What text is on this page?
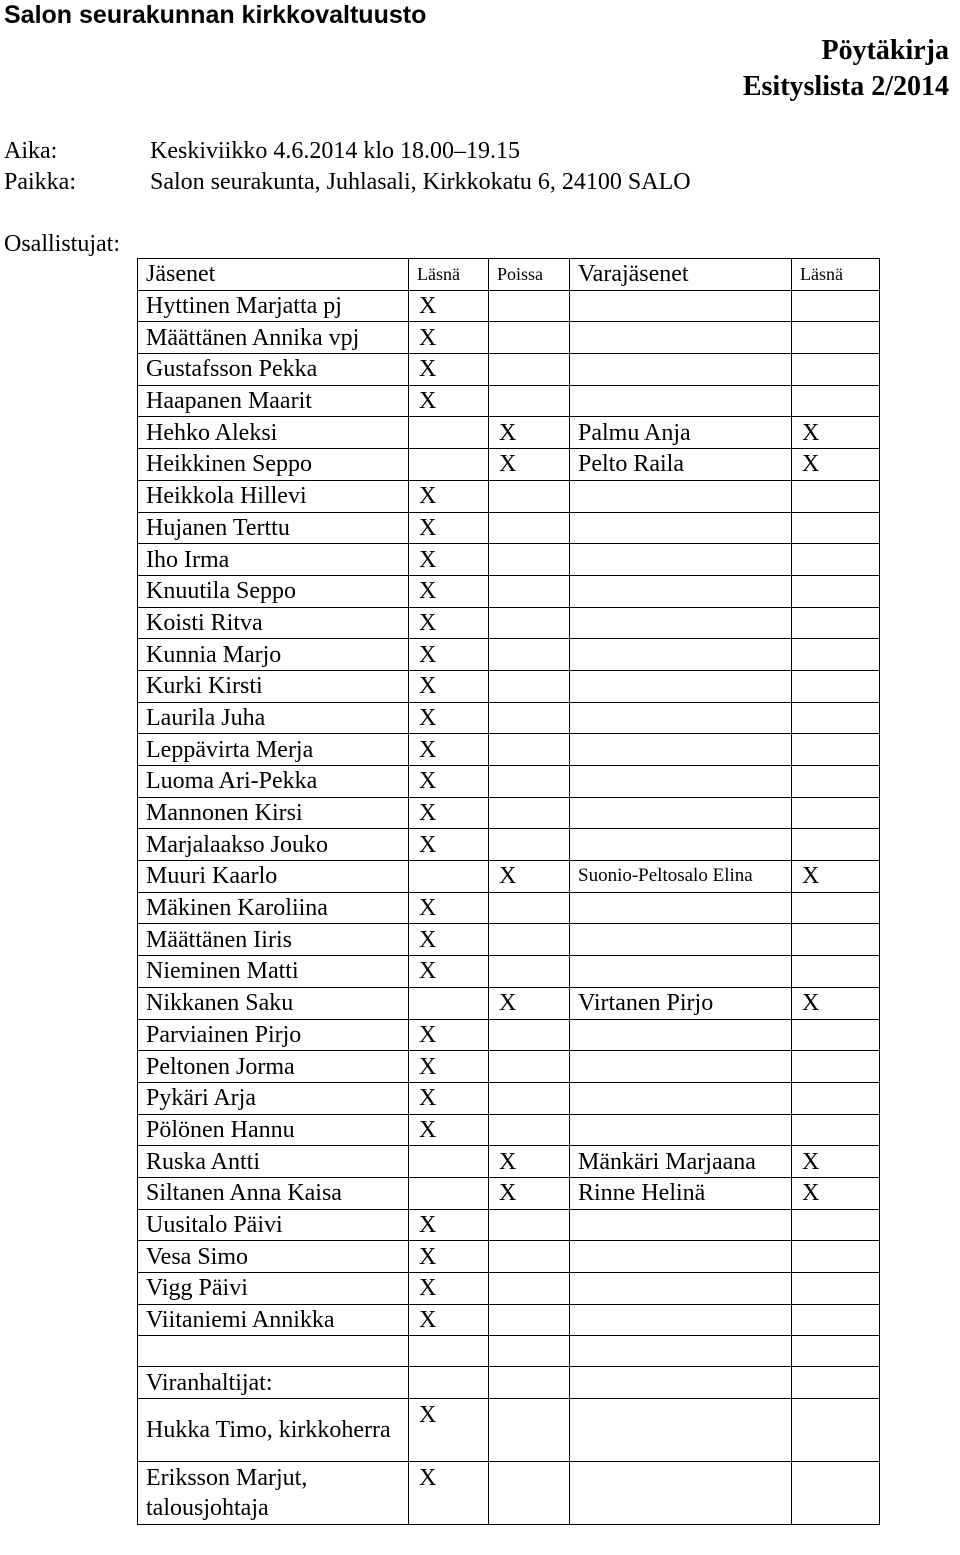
Salon seurakunnan kirkkovaltuusto
Pöytäkirja
Esityslista 2/2014
Aika:	Keskiviikko 4.6.2014 klo 18.00–19.15
Paikka:	Salon seurakunta, Juhlasali, Kirkkokatu 6, 24100 SALO
Osallistujat:
Jäsenet	Läsnä	Poissa	Varajäsenet	Läsnä
Hyttinen Marjatta pj	X			
Määttänen Annika vpj	X			
Gustafsson Pekka	X			
Haapanen Maarit	X			
Hehko Aleksi		X	Palmu Anja	X
Heikkinen Seppo		X	Pelto Raila	X
Heikkola Hillevi	X			
Hujanen Terttu	X			
Iho Irma	X			
Knuutila Seppo	X			
Koisti Ritva	X			
Kunnia Marjo	X			
Kurki Kirsti	X			
Laurila Juha	X			
Leppävirta Merja	X			
Luoma Ari-Pekka	X			
Mannonen Kirsi	X			
Marjalaakso Jouko	X			
Muuri Kaarlo		X	Suonio-Peltosalo Elina	X
Mäkinen Karoliina	X			
Määttänen Iiris	X			
Nieminen Matti	X			
Nikkanen Saku		X	Virtanen Pirjo	X
Parviainen Pirjo	X			
Peltonen Jorma	X			
Pykäri Arja	X			
Pölönen Hannu	X			
Ruska Antti		X	Mänkäri Marjaana	X
Siltanen Anna Kaisa		X	Rinne Helinä	X
Uusitalo Päivi	X			
Vesa Simo	X			
Vigg Päivi	X			
Viitaniemi Annikka	X			

Viranhaltijat:				
Hukka Timo, kirkkoherra	X			
Eriksson Marjut, talousjohtaja	X			
